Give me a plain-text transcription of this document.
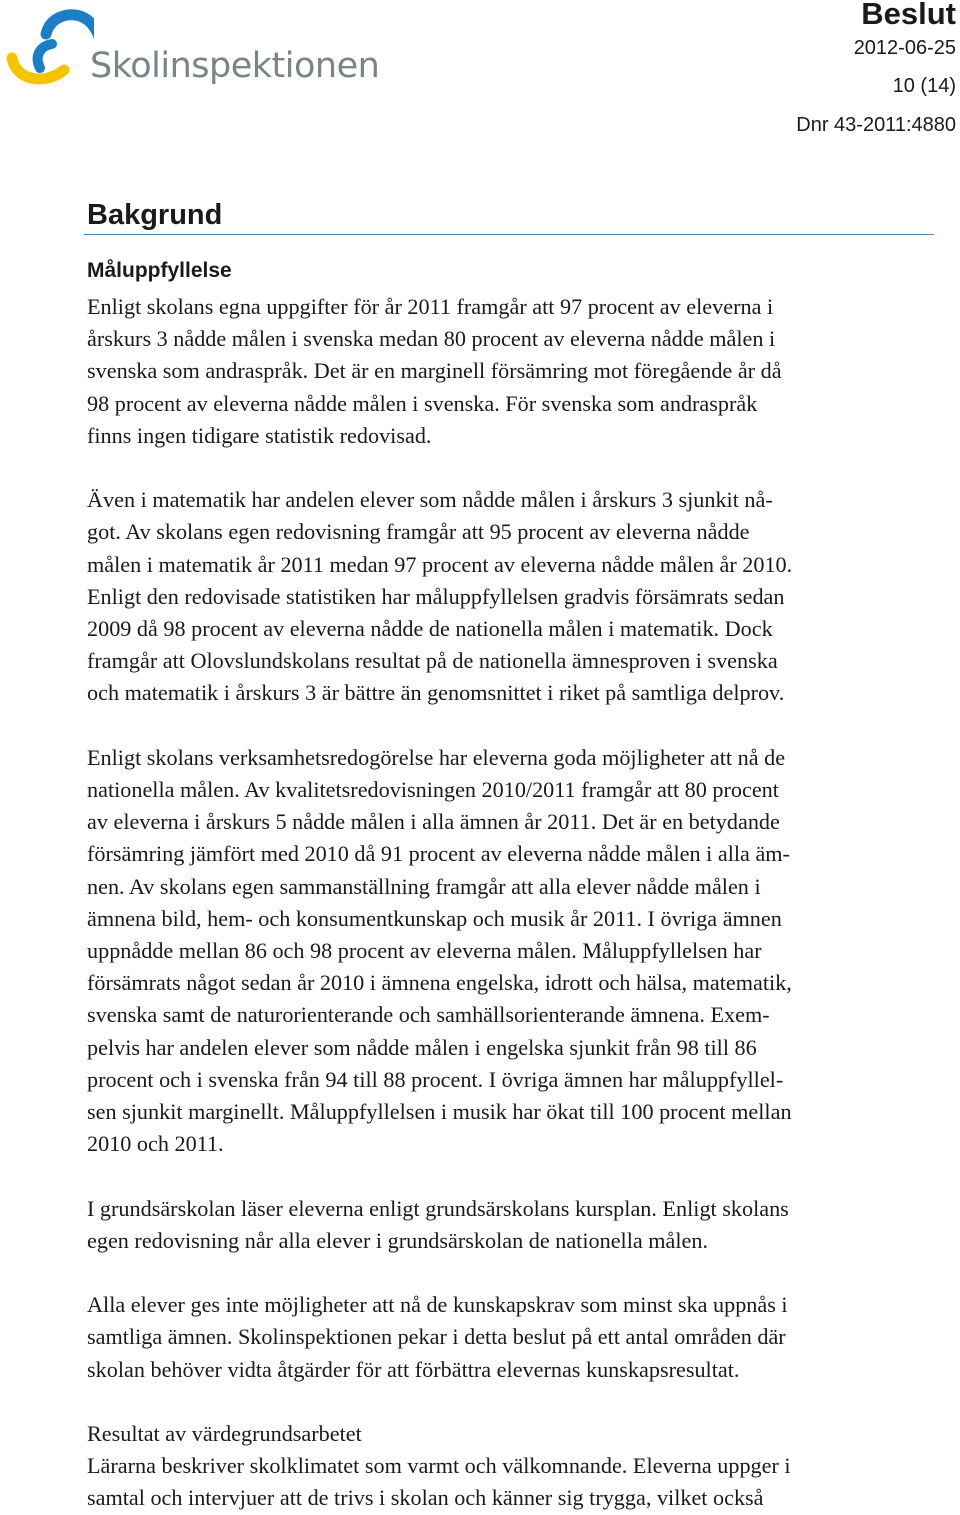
Skolinspektionen
Beslut
2012-06-25
10 (14)
Dnr 43-2011:4880
Bakgrund
Måluppfyllelse

Enligt skolans egna uppgifter för år 2011 framgår att 97 procent av eleverna i
årskurs 3 nådde målen i svenska medan 80 procent av eleverna nådde målen i
svenska som andraspråk. Det är en marginell försämring mot föregående år då
98 procent av eleverna nådde målen i svenska. För svenska som andraspråk
finns ingen tidigare statistik redovisad.

Även i matematik har andelen elever som nådde målen i årskurs 3 sjunkit nå-
got. Av skolans egen redovisning framgår att 95 procent av eleverna nådde
målen i matematik år 2011 medan 97 procent av eleverna nådde målen år 2010.
Enligt den redovisade statistiken har måluppfyllelsen gradvis försämrats sedan
2009 då 98 procent av eleverna nådde de nationella målen i matematik. Dock
framgår att Olovslundskolans resultat på de nationella ämnesproven i svenska
och matematik i årskurs 3 är bättre än genomsnittet i riket på samtliga delprov.

Enligt skolans verksamhetsredogörelse har eleverna goda möjligheter att nå de
nationella målen. Av kvalitetsredovisningen 2010/2011 framgår att 80 procent
av eleverna i årskurs 5 nådde målen i alla ämnen år 2011. Det är en betydande
försämring jämfört med 2010 då 91 procent av eleverna nådde målen i alla äm-
nen. Av skolans egen sammanställning framgår att alla elever nådde målen i
ämnena bild, hem- och konsumentkunskap och musik år 2011. I övriga ämnen
uppnådde mellan 86 och 98 procent av eleverna målen. Måluppfyllelsen har
försämrats något sedan år 2010 i ämnena engelska, idrott och hälsa, matematik,
svenska samt de naturorienterande och samhällsorienterande ämnena. Exem-
pelvis har andelen elever som nådde målen i engelska sjunkit från 98 till 86
procent och i svenska från 94 till 88 procent. I övriga ämnen har måluppfyllel-
sen sjunkit marginellt. Måluppfyllelsen i musik har ökat till 100 procent mellan
2010 och 2011.

I grundsärskolan läser eleverna enligt grundsärskolans kursplan. Enligt skolans
egen redovisning når alla elever i grundsärskolan de nationella målen.

Alla elever ges inte möjligheter att nå de kunskapskrav som minst ska uppnås i
samtliga ämnen. Skolinspektionen pekar i detta beslut på ett antal områden där
skolan behöver vidta åtgärder för att förbättra elevernas kunskapsresultat.

Resultat av värdegrundsarbetet
Lärarna beskriver skolklimatet som varmt och välkomnande. Eleverna uppger i
samtal och intervjuer att de trivs i skolan och känner sig trygga, vilket också
